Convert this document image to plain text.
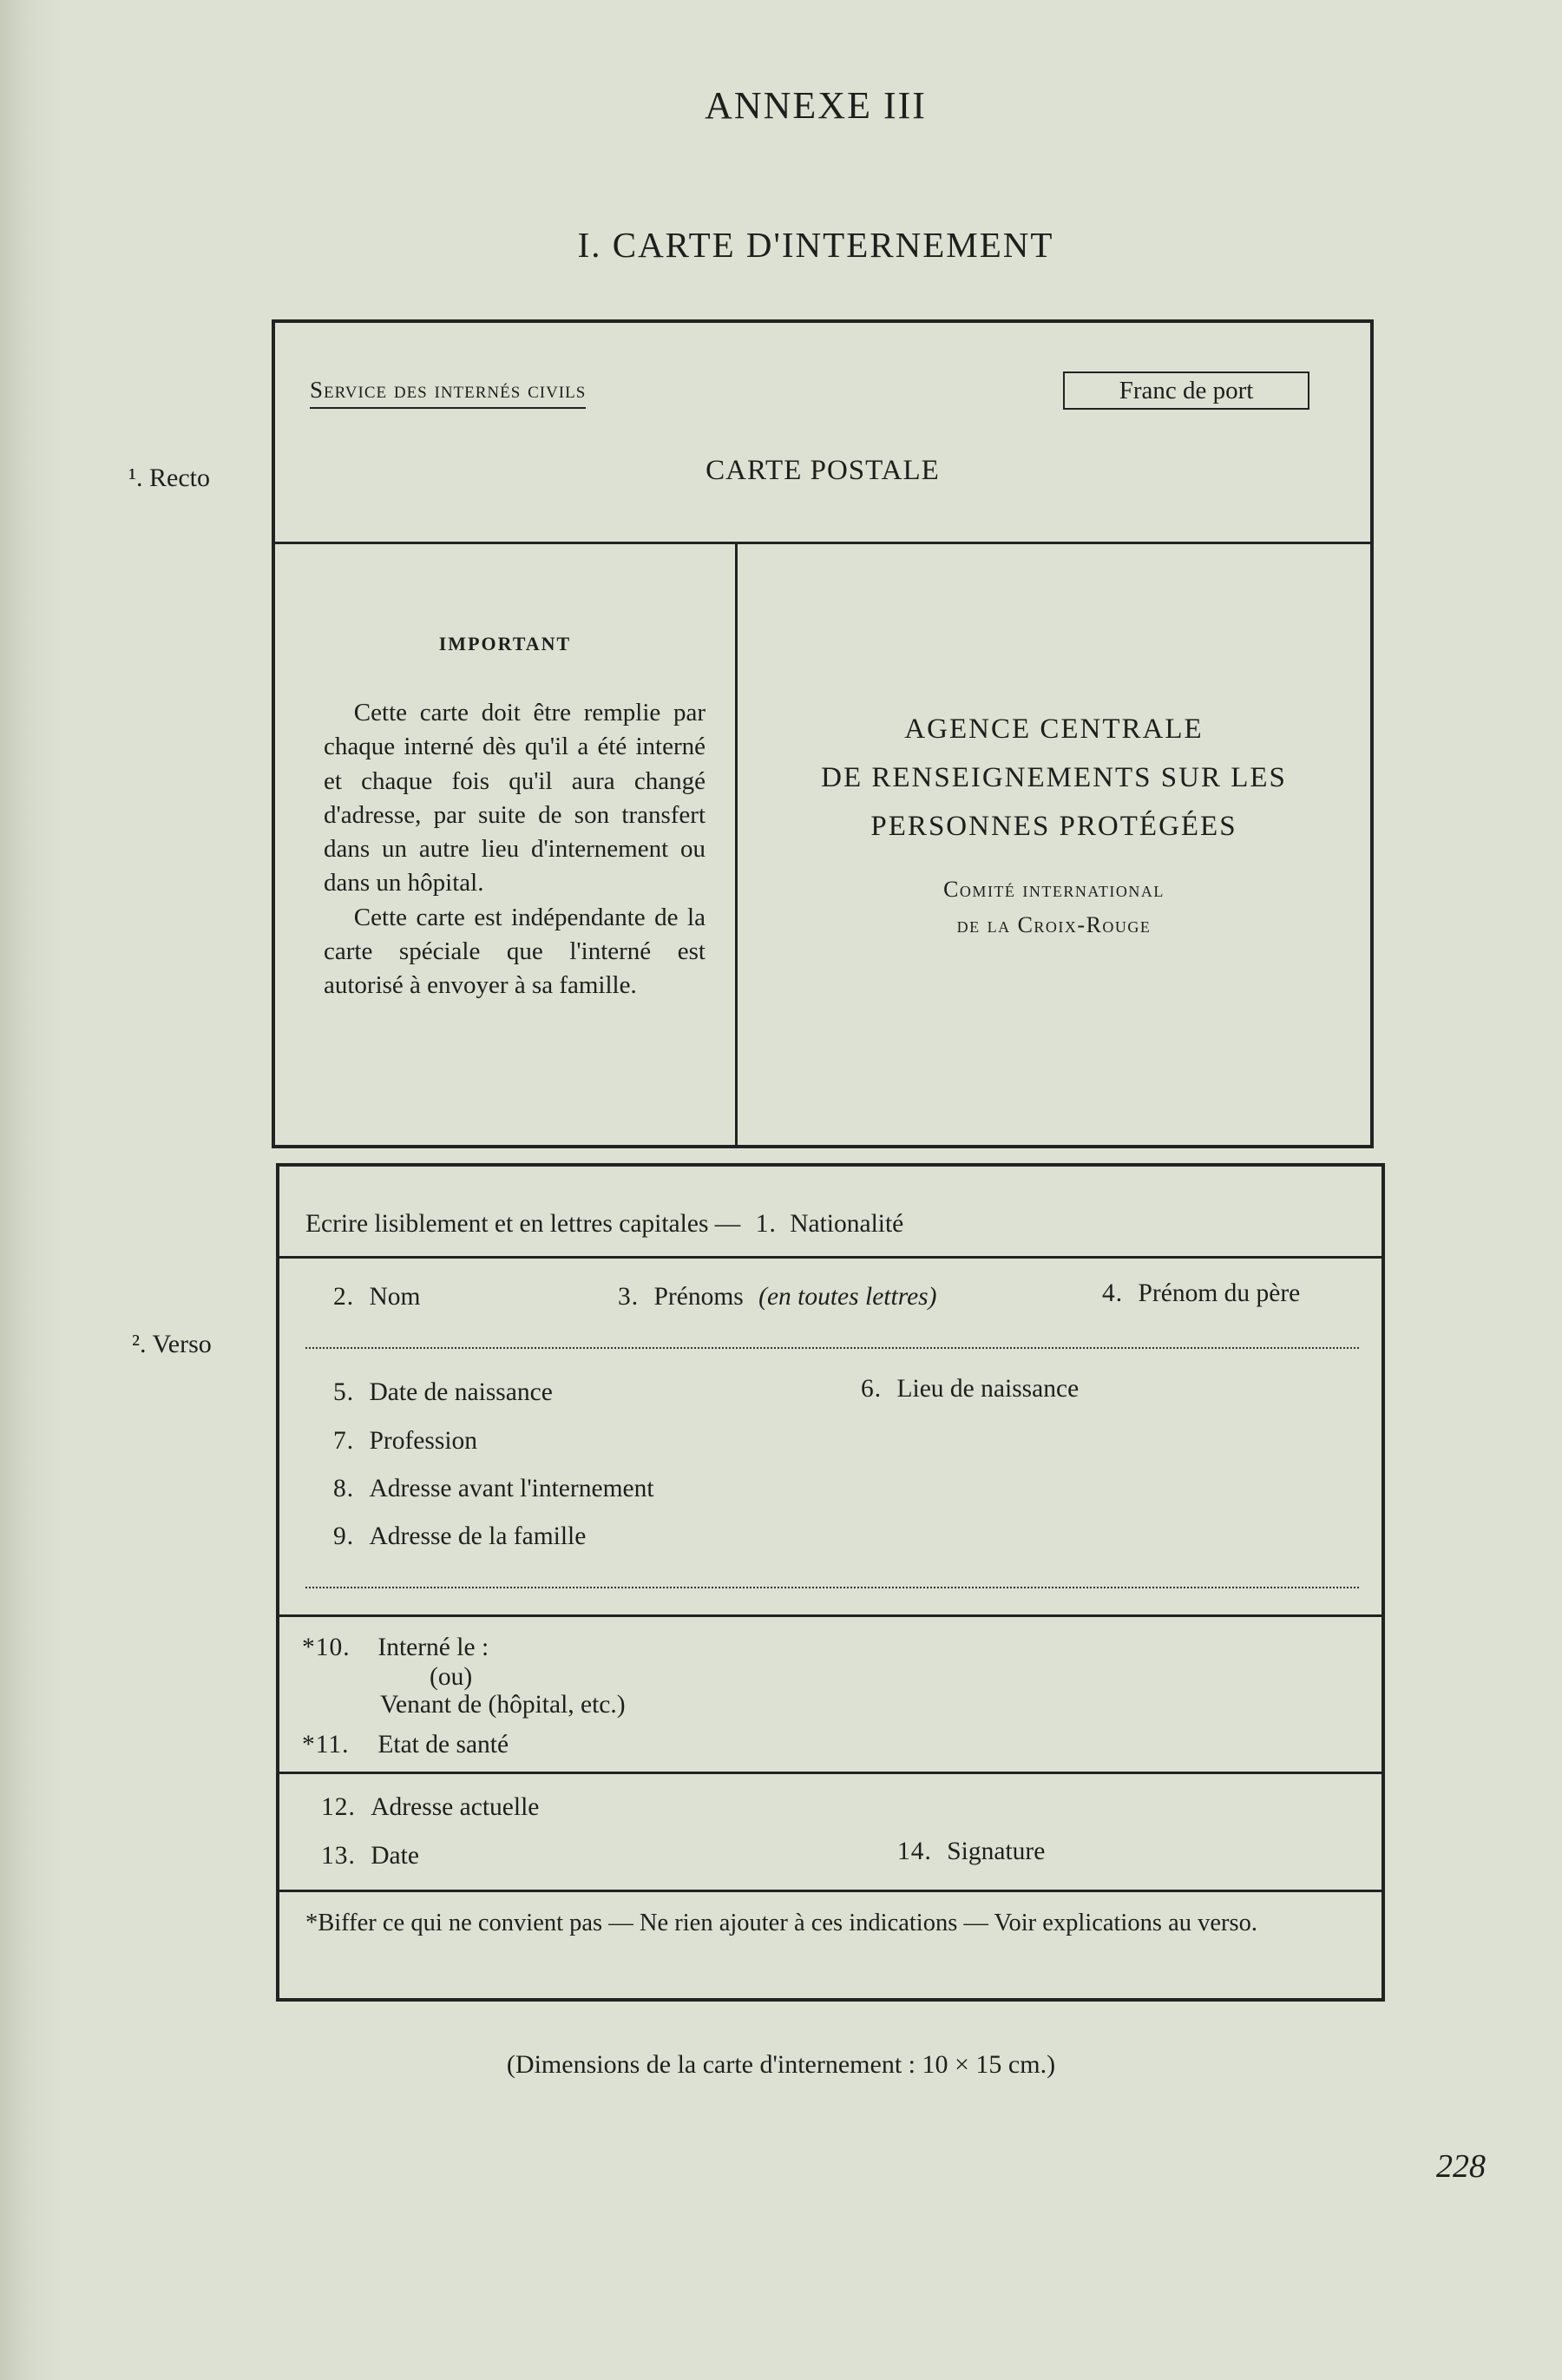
ANNEXE III
I. CARTE D'INTERNEMENT
¹. Recto
². Verso
Service des internés civils	Franc de port
CARTE POSTALE
IMPORTANT

Cette carte doit être remplie par chaque interné dès qu'il a été interné et chaque fois qu'il aura changé d'adresse, par suite de son transfert dans un autre lieu d'internement ou dans un hôpital.

Cette carte est indépendante de la carte spéciale que l'interné est autorisé à envoyer à sa famille.

AGENCE CENTRALE
DE RENSEIGNEMENTS SUR LES
PERSONNES PROTÉGÉES
Comité international
de la Croix-Rouge
Ecrire lisiblement et en lettres capitales — 1. Nationalité
2. Nom	3. Prénoms (en toutes lettres)	4. Prénom du père
5. Date de naissance	6. Lieu de naissance
7. Profession
8. Adresse avant l'internement
9. Adresse de la famille
*10. Interné le :
(ou)
Venant de (hôpital, etc.)
*11. Etat de santé
12. Adresse actuelle
13. Date	14. Signature
*Biffer ce qui ne convient pas — Ne rien ajouter à ces indications — Voir explications au verso.
(Dimensions de la carte d'internement : 10 × 15 cm.)
228
